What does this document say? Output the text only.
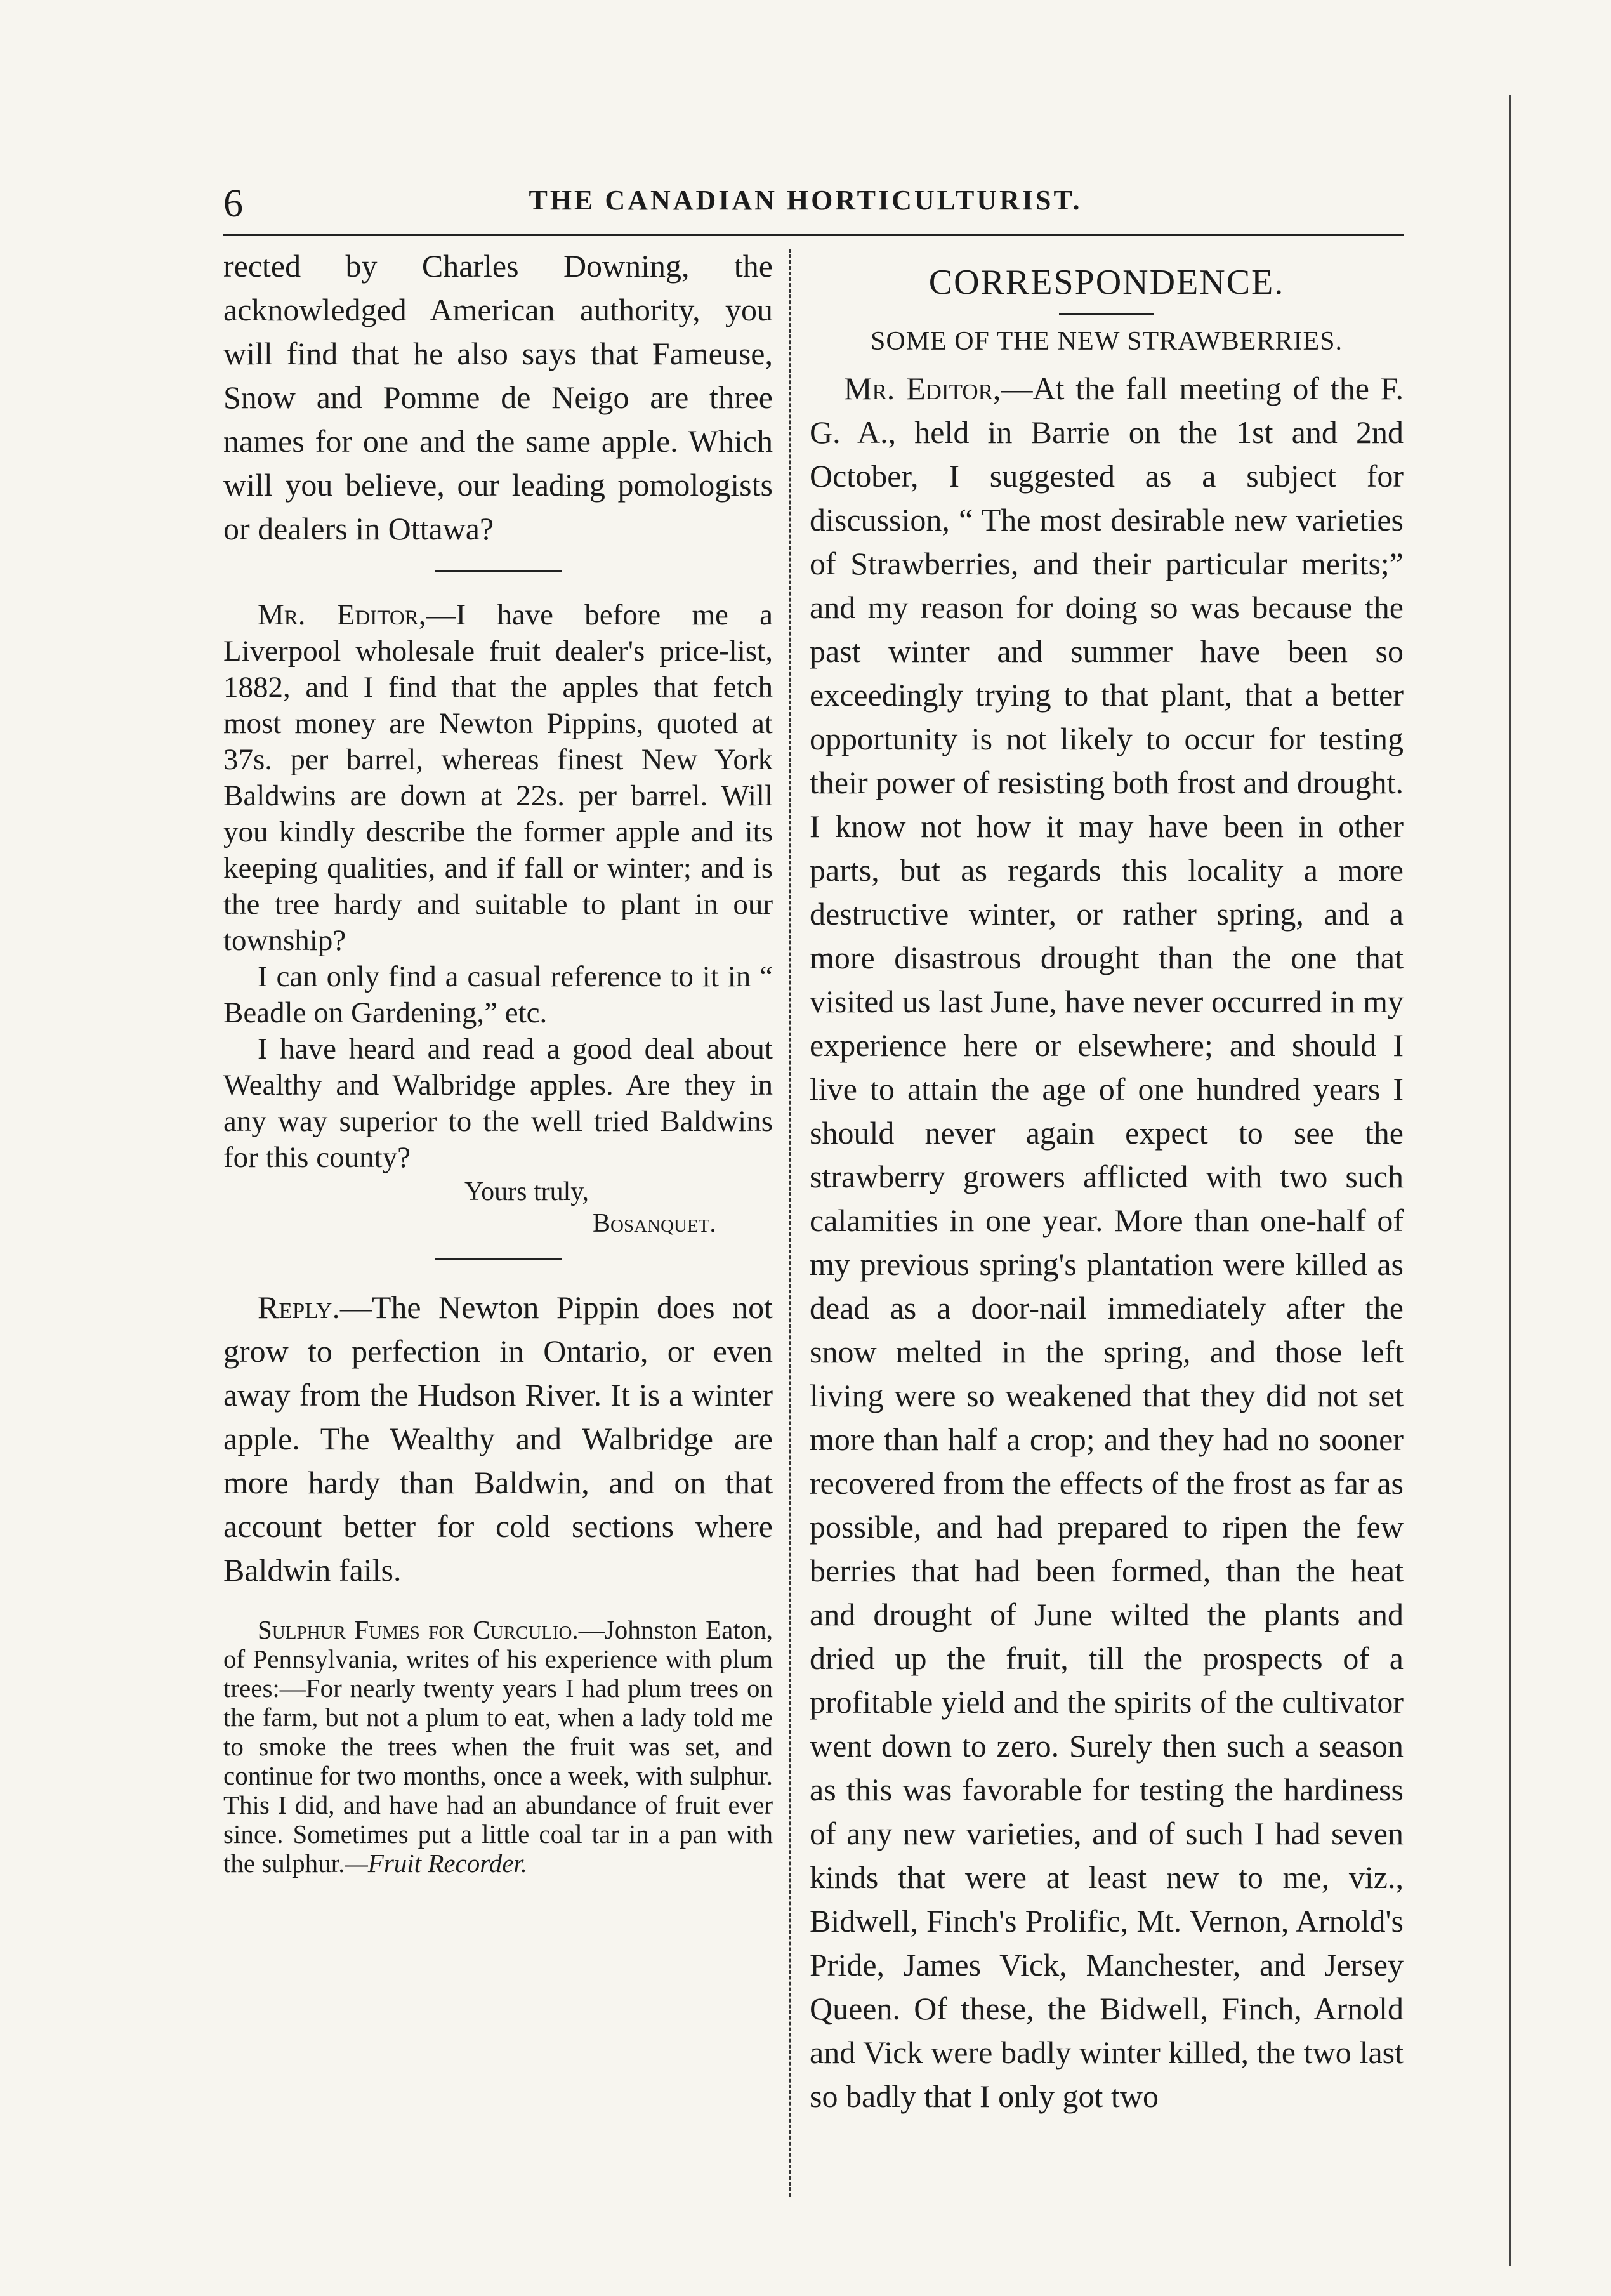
6	THE CANADIAN HORTICULTURIST.

rected by Charles Downing, the acknowledged American authority, you will find that he also says that Fameuse, Snow and Pomme de Neigo are three names for one and the same apple. Which will you believe, our leading pomologists or dealers in Ottawa?

Mr. Editor,—I have before me a Liverpool wholesale fruit dealer's price-list, 1882, and I find that the apples that fetch most money are Newton Pippins, quoted at 37s. per barrel, whereas finest New York Baldwins are down at 22s. per barrel. Will you kindly describe the former apple and its keeping qualities, and if fall or winter; and is the tree hardy and suitable to plant in our township?

I can only find a casual reference to it in “ Beadle on Gardening,” etc.

I have heard and read a good deal about Wealthy and Walbridge apples. Are they in any way superior to the well tried Baldwins for this county?

Yours truly,

Bosanquet.

Reply.—The Newton Pippin does not grow to perfection in Ontario, or even away from the Hudson River. It is a winter apple. The Wealthy and Walbridge are more hardy than Baldwin, and on that account better for cold sections where Baldwin fails.

Sulphur Fumes for Curculio.—Johnston Eaton, of Pennsylvania, writes of his experience with plum trees:—For nearly twenty years I had plum trees on the farm, but not a plum to eat, when a lady told me to smoke the trees when the fruit was set, and continue for two months, once a week, with sulphur. This I did, and have had an abundance of fruit ever since. Sometimes put a little coal tar in a pan with the sulphur.—Fruit Recorder.

CORRESPONDENCE.

SOME OF THE NEW STRAWBERRIES.

Mr. Editor,—At the fall meeting of the F. G. A., held in Barrie on the 1st and 2nd October, I suggested as a subject for discussion, “ The most desirable new varieties of Strawberries, and their particular merits;” and my reason for doing so was because the past winter and summer have been so exceedingly trying to that plant, that a better opportunity is not likely to occur for testing their power of resisting both frost and drought. I know not how it may have been in other parts, but as regards this locality a more destructive winter, or rather spring, and a more disastrous drought than the one that visited us last June, have never occurred in my experience here or elsewhere; and should I live to attain the age of one hundred years I should never again expect to see the strawberry growers afflicted with two such calamities in one year. More than one-half of my previous spring's plantation were killed as dead as a door-nail immediately after the snow melted in the spring, and those left living were so weakened that they did not set more than half a crop; and they had no sooner recovered from the effects of the frost as far as possible, and had prepared to ripen the few berries that had been formed, than the heat and drought of June wilted the plants and dried up the fruit, till the prospects of a profitable yield and the spirits of the cultivator went down to zero. Surely then such a season as this was favorable for testing the hardiness of any new varieties, and of such I had seven kinds that were at least new to me, viz., Bidwell, Finch's Prolific, Mt. Vernon, Arnold's Pride, James Vick, Manchester, and Jersey Queen. Of these, the Bidwell, Finch, Arnold and Vick were badly winter killed, the two last so badly that I only got two
